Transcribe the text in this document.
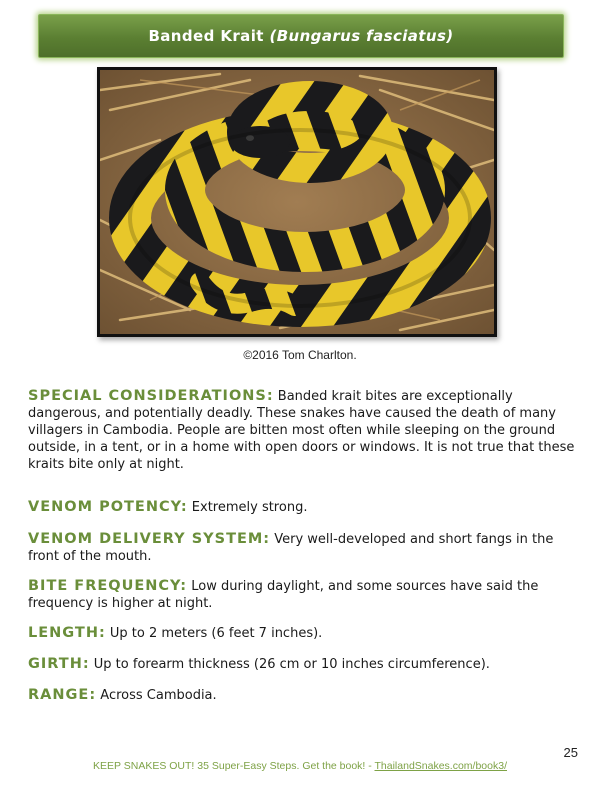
Banded Krait (Bungarus fasciatus)
©2016 Tom Charlton.
SPECIAL CONSIDERATIONS: Banded krait bites are exceptionally dangerous, and potentially deadly. These snakes have caused the death of many villagers in Cambodia. People are bitten most often while sleeping on the ground outside, in a tent, or in a home with open doors or windows. It is not true that these kraits bite only at night.
VENOM POTENCY: Extremely strong.
VENOM DELIVERY SYSTEM: Very well-developed and short fangs in the front of the mouth.
BITE FREQUENCY: Low during daylight, and some sources have said the frequency is higher at night.
LENGTH: Up to 2 meters (6 feet 7 inches).
GIRTH: Up to forearm thickness (26 cm or 10 inches circumference).
RANGE: Across Cambodia.
25
KEEP SNAKES OUT! 35 Super-Easy Steps. Get the book! - ThailandSnakes.com/book3/
